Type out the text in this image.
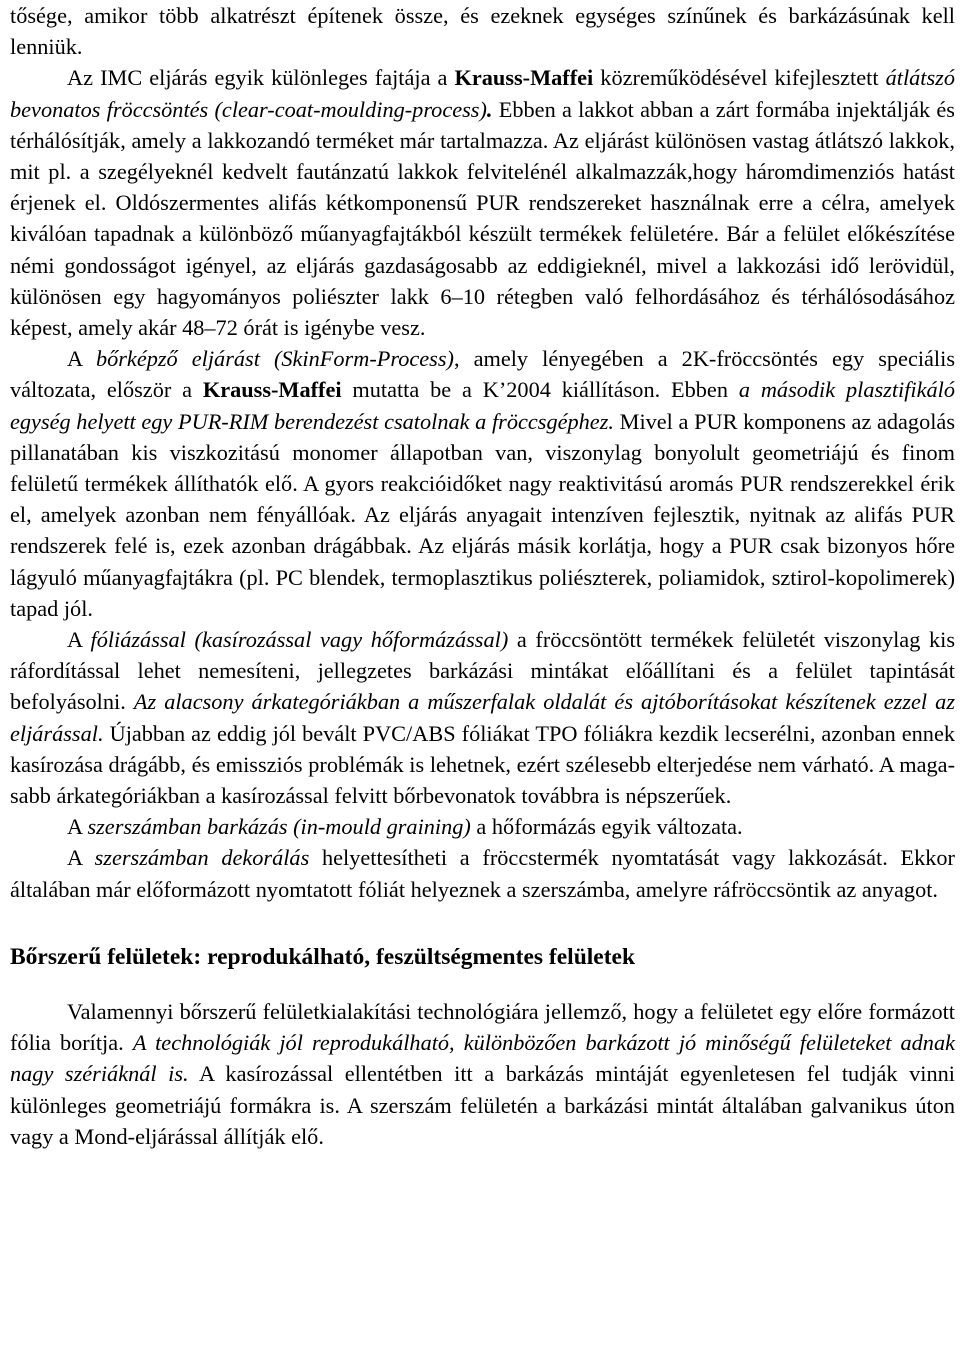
tősége, amikor több alkatrészt építenek össze, és ezeknek egységes színűnek és barkázásúnak kell lenniük.

Az IMC eljárás egyik különleges fajtája a Krauss-Maffei közreműködésével kifejlesztett átlátszó bevonatos fröccsöntés (clear-coat-moulding-process). Ebben a lakkot abban a zárt formába injektálják és térhálósítják, amely a lakkozandó terméket már tartalmazza. Az eljárást különösen vastag átlátszó lakkok, mit pl. a szegélyeknél kedvelt fautánzatú lakkok felvitelénél alkalmazzák,hogy háromdimenziós hatást érjenek el. Oldószermentes alifás kétkomponensű PUR rendszereket használnak erre a célra, amelyek kiválóan tapadnak a különböző műanyagfajtákból készült termékek felületére. Bár a felület előkészítése némi gondosságot igényel, az eljárás gazdaságosabb az eddigieknél, mivel a lakkozási idő lerövidül, különösen egy hagyományos poliészter lakk 6–10 rétegben való felhordásához és térhálósodásához képest, amely akár 48–72 órát is igénybe vesz.

A bőrképző eljárást (SkinForm-Process), amely lényegében a 2K-fröccsöntés egy speciális változata, először a Krauss-Maffei mutatta be a K’2004 kiállításon. Ebben a második plasztifikáló egység helyett egy PUR-RIM berendezést csatolnak a fröccsgéphez. Mivel a PUR komponens az adagolás pillanatában kis viszkozitású monomer állapotban van, viszonylag bonyolult geometriájú és finom felületű termékek állíthatók elő. A gyors reakcióidőket nagy reaktivitású aromás PUR rendszerekkel érik el, amelyek azonban nem fényállóak. Az eljárás anyagait intenzíven fejlesztik, nyitnak az alifás PUR rendszerek felé is, ezek azonban drágábbak. Az eljárás másik korlátja, hogy a PUR csak bizonyos hőre lágyuló műanyagfajtákra (pl. PC blendek, termoplasztikus poliészterek, poliamidok, sztirol-kopolimerek) tapad jól.

A fóliázással (kasírozással vagy hőformázással) a fröccsöntött termékek felületét viszonylag kis ráfordítással lehet nemesíteni, jellegzetes barkázási mintákat előállítani és a felület tapintását befolyásolni. Az alacsony árkategóriákban a műszerfalak oldalát és ajtóborításokat készítenek ezzel az eljárással. Újabban az eddig jól bevált PVC/ABS fóliákat TPO fóliákra kezdik lecserélni, azonban ennek kasírozása drágább, és emissziós problémák is lehetnek, ezért szélesebb elterjedése nem várható. A magasabb árkategóriákban a kasírozással felvitt bőrbevonatok továbbra is népszerűek.

A szerszámban barkázás (in-mould graining) a hőformázás egyik változata.

A szerszámban dekorálás helyettesítheti a fröccstermék nyomtatását vagy lakkozását. Ekkor általában már előformázott nyomtatott fóliát helyeznek a szerszámba, amelyre ráfröccsöntik az anyagot.

Bőrszerű felületek: reprodukálható, feszültségmentes felületek

Valamennyi bőrszerű felületkialakítási technológiára jellemző, hogy a felületet egy előre formázott fólia borítja. A technológiák jól reprodukálható, különbözően barkázott jó minőségű felületeket adnak nagy szériáknál is. A kasírozással ellentétben itt a barkázás mintáját egyenletesen fel tudják vinni különleges geometriájú formákra is. A szerszám felületén a barkázási mintát általában galvanikus úton vagy a Mond-eljárással állítják elő.
